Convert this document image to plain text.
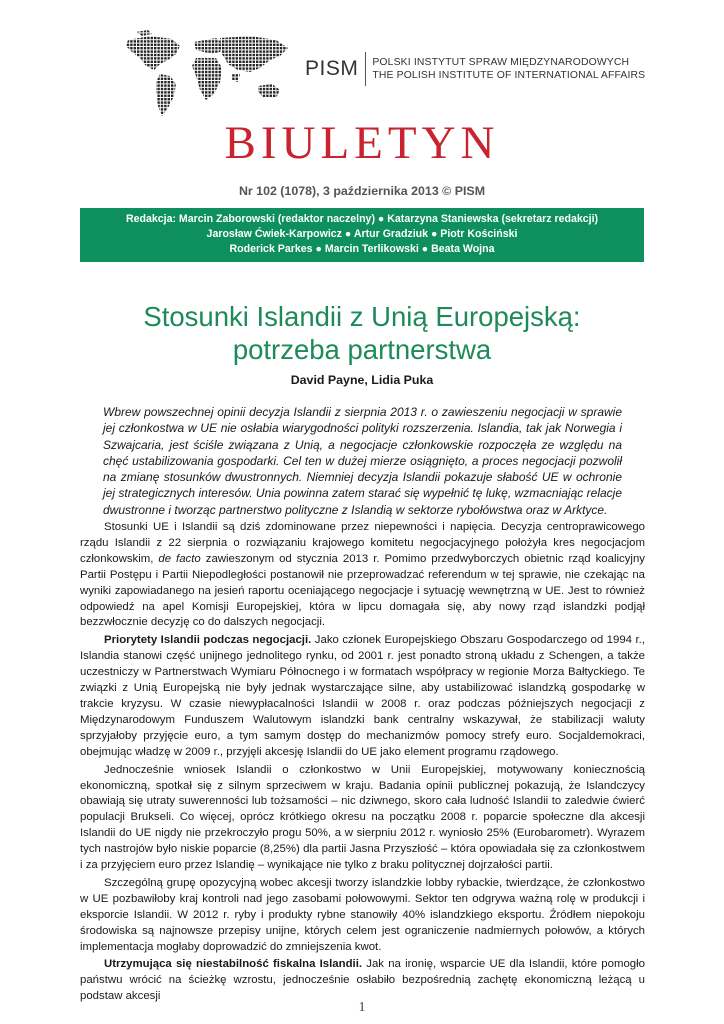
PISM POLSKI INSTYTUT SPRAW MIĘDZYNARODOWYCH
THE POLISH INSTITUTE OF INTERNATIONAL AFFAIRS
BIULETYN
Nr 102 (1078), 3 października 2013 © PISM
Redakcja: Marcin Zaborowski (redaktor naczelny) ● Katarzyna Staniewska (sekretarz redakcji)
Jarosław Ćwiek-Karpowicz ● Artur Gradziuk ● Piotr Kościński
Roderick Parkes ● Marcin Terlikowski ● Beata Wojna
Stosunki Islandii z Unią Europejską:
potrzeba partnerstwa
David Payne, Lidia Puka
Wbrew powszechnej opinii decyzja Islandii z sierpnia 2013 r. o zawieszeniu negocjacji w sprawie jej członkostwa w UE nie osłabia wiarygodności polityki rozszerzenia. Islandia, tak jak Norwegia i Szwajcaria, jest ściśle związana z Unią, a negocjacje członkowskie rozpoczęła ze względu na chęć ustabilizowania gospodarki. Cel ten w dużej mierze osiągnięto, a proces negocjacji pozwolił na zmianę stosunków dwustronnych. Niemniej decyzja Islandii pokazuje słabość UE w ochronie jej strategicznych interesów. Unia powinna zatem starać się wypełnić tę lukę, wzmacniając relacje dwustronne i tworząc partnerstwo polityczne z Islandią w sektorze rybołówstwa oraz w Arktyce.

Stosunki UE i Islandii są dziś zdominowane przez niepewności i napięcia. Decyzja centroprawicowego rządu Islandii z 22 sierpnia o rozwiązaniu krajowego komitetu negocjacyjnego położyła kres negocjacjom członkowskim, de facto zawieszonym od stycznia 2013 r. Pomimo przedwyborczych obietnic rząd koalicyjny Partii Postępu i Partii Niepodległości postanowił nie przeprowadzać referendum w tej sprawie, nie czekając na wyniki zapowiadanego na jesień raportu oceniającego negocjacje i sytuację wewnętrzną w UE. Jest to również odpowiedź na apel Komisji Europejskiej, która w lipcu domagała się, aby nowy rząd islandzki podjął bezzwłocznie decyzję co do dalszych negocjacji.

Priorytety Islandii podczas negocjacji. Jako członek Europejskiego Obszaru Gospodarczego od 1994 r., Islandia stanowi część unijnego jednolitego rynku, od 2001 r. jest ponadto stroną układu z Schengen, a także uczestniczy w Partnerstwach Wymiaru Północnego i w formatach współpracy w regionie Morza Bałtyckiego. Te związki z Unią Europejską nie były jednak wystarczające silne, aby ustabilizować islandzką gospodarkę w trakcie kryzysu. W czasie niewypłacalności Islandii w 2008 r. oraz podczas późniejszych negocjacji z Międzynarodowym Funduszem Walutowym islandzki bank centralny wskazywał, że stabilizacji waluty sprzyjałoby przyjęcie euro, a tym samym dostęp do mechanizmów pomocy strefy euro. Socjaldemokraci, obejmując władzę w 2009 r., przyjęli akcesję Islandii do UE jako element programu rządowego.

Jednocześnie wniosek Islandii o członkostwo w Unii Europejskiej, motywowany koniecznością ekonomiczną, spotkał się z silnym sprzeciwem w kraju. Badania opinii publicznej pokazują, że Islandczycy obawiają się utraty suwerenności lub tożsamości – nic dziwnego, skoro cała ludność Islandii to zaledwie ćwierć populacji Brukseli. Co więcej, oprócz krótkiego okresu na początku 2008 r. poparcie społeczne dla akcesji Islandii do UE nigdy nie przekroczyło progu 50%, a w sierpniu 2012 r. wyniosło 25% (Eurobarometr). Wyrazem tych nastrojów było niskie poparcie (8,25%) dla partii Jasna Przyszłość – która opowiadała się za członkostwem i za przyjęciem euro przez Islandię – wynikające nie tylko z braku politycznej dojrzałości partii.

Szczególną grupę opozycyjną wobec akcesji tworzy islandzkie lobby rybackie, twierdzące, że członkostwo w UE pozbawiłoby kraj kontroli nad jego zasobami połowowymi. Sektor ten odgrywa ważną rolę w produkcji i eksporcie Islandii. W 2012 r. ryby i produkty rybne stanowiły 40% islandzkiego eksportu. Źródłem niepokoju środowiska są najnowsze przepisy unijne, których celem jest ograniczenie nadmiernych połowów, a których implementacja mogłaby doprowadzić do zmniejszenia kwot.

Utrzymująca się niestabilność fiskalna Islandii. Jak na ironię, wsparcie UE dla Islandii, które pomogło państwu wrócić na ścieżkę wzrostu, jednocześnie osłabiło bezpośrednią zachętę ekonomiczną leżącą u podstaw akcesji

1
